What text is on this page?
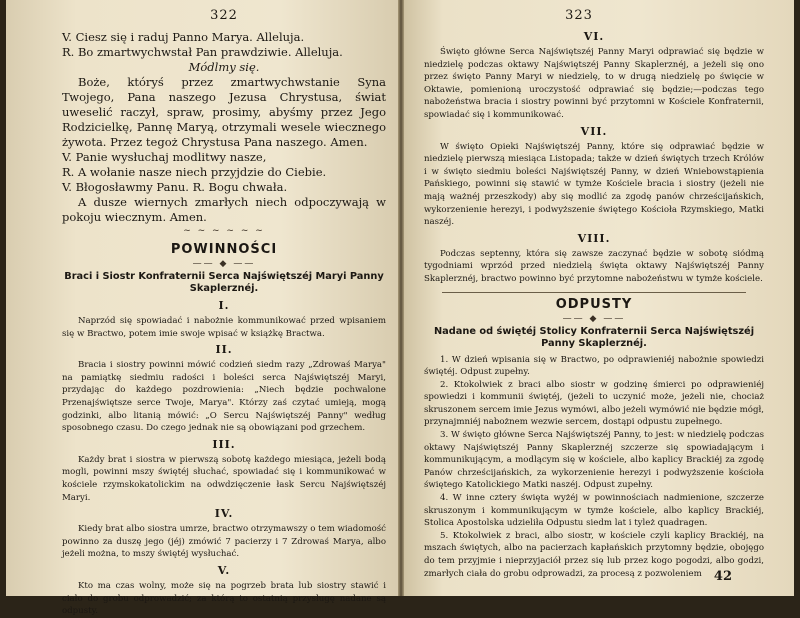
322

V. Ciesz się i raduj Panno Marya. Alleluja.

R. Bo zmartwychwstał Pan prawdziwie. Alleluja.

Módlmy się.

Boże, któryś przez zmartwychwstanie Syna Twojego, Pana naszego Jezusa Chrystusa, świat uweselić raczył, spraw, prosimy, abyśmy przez Jego Rodzicielkę, Pannę Maryą, otrzymali wesele wiecznego żywota. Przez tegoż Chrystusa Pana naszego. Amen.

V. Panie wysłuchaj modlitwy nasze,

R. A wołanie nasze niech przyjdzie do Ciebie.

V. Błogosławmy Panu. R. Bogu chwała.

A dusze wiernych zmarłych niech odpoczywają w pokoju wiecznym. Amen.

~ ~ ~ ~ ~ ~
POWINNOŚCI
—— ◆ ——
Braci i Siostr Konfraternii Serca Najświętszéj Maryi Panny Skaplerznéj.
I.

Naprzód się spowiadać i nabożnie kommunikować przed wpisaniem się w Bractwo, potem imie swoje wpisać w książkę Bractwa.

II.

Bracia i siostry powinni mówić codzień siedm razy „Zdrowaś Marya" na pamiątkę siedmiu radości i boleści serca Najświętszéj Maryi, przydając do każdego pozdrowienia: „Niech będzie pochwalone Przenajświętsze serce Twoje, Marya". Którzy zaś czytać umieją, mogą godzinki, albo litanią mówić: „O Sercu Najświętszéj Panny" według sposobnego czasu. Do czego jednak nie są obowiązani pod grzechem.

III.

Każdy brat i siostra w pierwszą sobotę każdego miesiąca, jeżeli bodą mogli, powinni mszy świętéj słuchać, spowiadać się i kommunikować w kościele rzymskokatolickim na odwdzięczenie łask Sercu Najświętszéj Maryi.

IV.

Kiedy brat albo siostra umrze, bractwo otrzymawszy o tem wiadomość powinno za duszę jego (jéj) zmówić 7 pacierzy i 7 Zdrowaś Marya, albo jeżeli można, to mszy świętéj wysłuchać.

V.

Kto ma czas wolny, może się na pogrzeb brata lub siostry stawić i ciało do grobu odprowadzić; za którą to ostatnią przysługę nadane są odpusty.

323
VI.

Święto główne Serca Najświętszéj Panny Maryi odprawiać się będzie w niedzielę podczas oktawy Najświętszéj Panny Skaplerznéj, a jeżeli się ono przez święto Panny Maryi w niedzielę, to w drugą niedzielę po święcie w Oktawie, pomienioną uroczystość odprawiać się będzie;—podczas tego nabożeństwa bracia i siostry powinni być przytomni w Kościele Konfraternii, spowiadać się i kommunikować.

VII.

W święto Opieki Najświętszéj Panny, które się odprawiać będzie w niedzielę pierwszą miesiąca Listopada; także w dzień świętych trzech Królów i w święto siedmiu boleści Najświętszéj Panny, w dzień Wniebowstąpienia Pańskiego, powinni się stawić w tymże Kościele bracia i siostry (jeżeli nie mają ważnéj przeszkody) aby się modlić za zgodę panów chrześcijańskich, wykorzenienie herezyi, i podwyższenie świętego Kościoła Rzymskiego, Matki naszéj.

VIII.

Podczas septenny, która się zawsze zaczynać będzie w sobotę siódmą tygodniami wprzód przed niedzielą święta oktawy Najświętszéj Panny Skaplerznéj, bractwo powinno być przytomne nabożeństwu w tymże kościele.

ODPUSTY
—— ◆ ——
Nadane od świętéj Stolicy Konfraternii Serca Najświętszéj Panny Skaplerznéj.

1. W dzień wpisania się w Bractwo, po odprawieniéj nabożnie spowiedzi świętéj. Odpust zupełny.

2. Ktokolwiek z braci albo siostr w godzinę śmierci po odprawieniéj spowiedzi i kommunii świętéj, (jeżeli to uczynić może, jeżeli nie, chociaż skruszonem sercem imie Jezus wymówi, albo jeżeli wymówić nie będzie mógł, przynajmniéj nabożnem wezwie sercem, dostąpi odpustu zupełnego.

3. W święto główne Serca Najświętszéj Panny, to jest: w niedzielę podczas oktawy Najświętszéj Panny Skaplerznéj szczerze się spowiadającym i kommunikującym, a modlącym się w kościele, albo kaplicy Brackiéj za zgodę Panów chrześcijańskich, za wykorzenienie herezyi i podwyższenie kościoła świętego Katolickiego Matki naszéj. Odpust zupełny.

4. W inne cztery święta wyżéj w powinnościach nadmienione, szczerze skruszonym i kommunikującym w tymże kościele, albo kaplicy Brackiéj, Stolica Apostolska udzieliła Odpustu siedm lat i tyleż quadragen.

5. Ktokolwiek z braci, albo siostr, w kościele czyli kaplicy Brackiéj, na mszach świętych, albo na pacierzach kapłańskich przytomny będzie, obojęgo do tem przyjmie i nieprzyjaciół przez się lub przez kogo pogodzi, albo godzi, zmarłych ciała do grobu odprowadzi, za procesą z pozwoleniem 42
